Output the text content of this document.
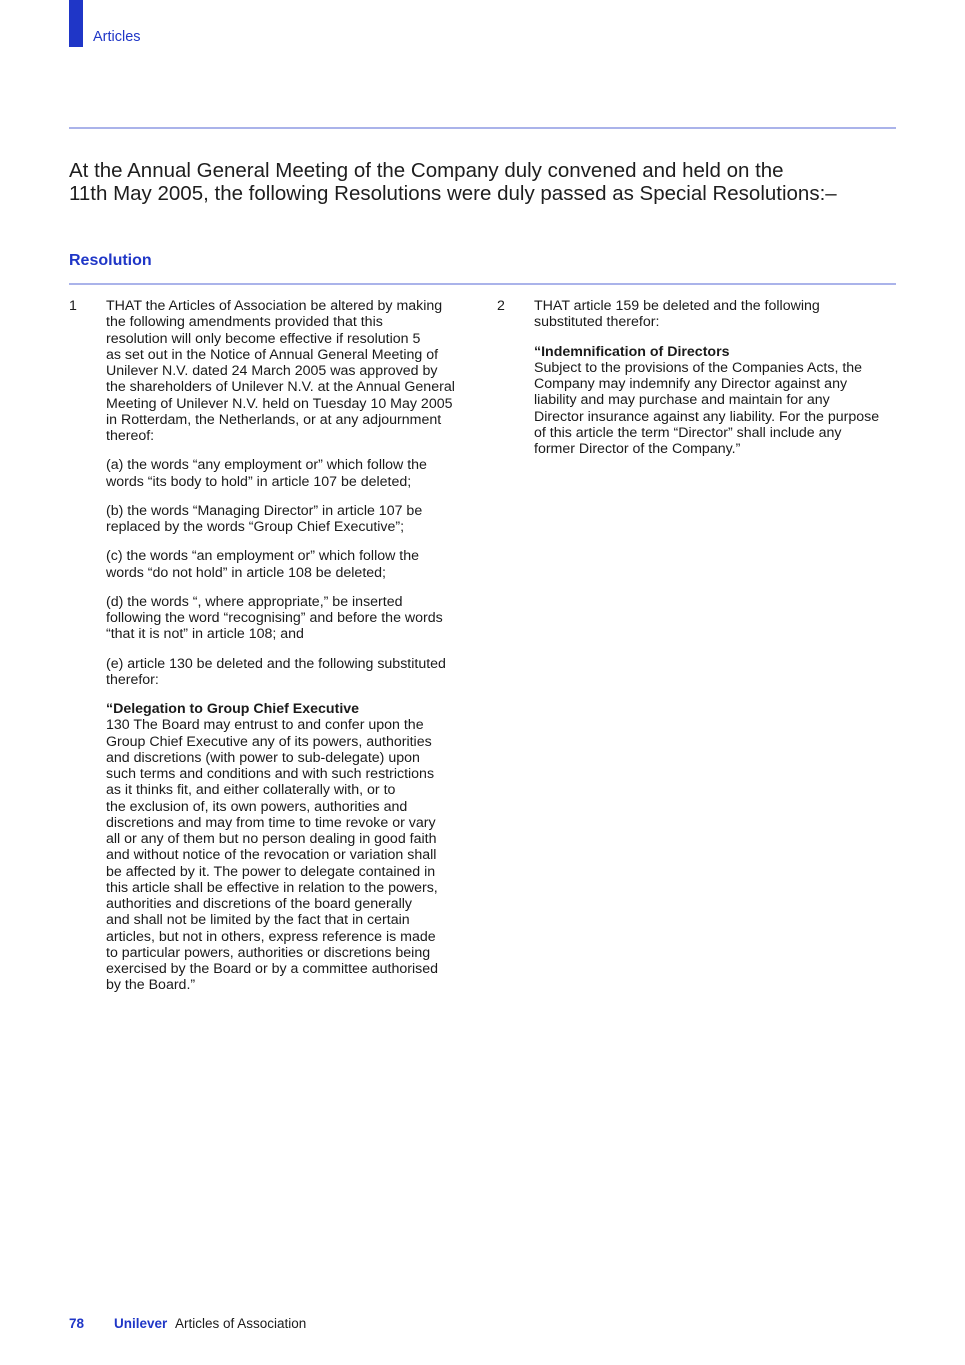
Articles
At the Annual General Meeting of the Company duly convened and held on the
11th May 2005, the following Resolutions were duly passed as Special Resolutions:–
Resolution
1 THAT the Articles of Association be altered by making
the following amendments provided that this
resolution will only become effective if resolution 5
as set out in the Notice of Annual General Meeting of
Unilever N.V. dated 24 March 2005 was approved by
the shareholders of Unilever N.V. at the Annual General
Meeting of Unilever N.V. held on Tuesday 10 May 2005
in Rotterdam, the Netherlands, or at any adjournment
thereof:
(a) the words “any employment or” which follow the
words “its body to hold” in article 107 be deleted;
(b) the words “Managing Director” in article 107 be
replaced by the words “Group Chief Executive”;
(c) the words “an employment or” which follow the
words “do not hold” in article 108 be deleted;
(d) the words “, where appropriate,” be inserted
following the word “recognising” and before the words
“that it is not” in article 108; and
(e) article 130 be deleted and the following substituted
therefor:
“Delegation to Group Chief Executive
130 The Board may entrust to and confer upon the
Group Chief Executive any of its powers, authorities
and discretions (with power to sub-delegate) upon
such terms and conditions and with such restrictions
as it thinks fit, and either collaterally with, or to
the exclusion of, its own powers, authorities and
discretions and may from time to time revoke or vary
all or any of them but no person dealing in good faith
and without notice of the revocation or variation shall
be affected by it. The power to delegate contained in
this article shall be effective in relation to the powers,
authorities and discretions of the board generally
and shall not be limited by the fact that in certain
articles, but not in others, express reference is made
to particular powers, authorities or discretions being
exercised by the Board or by a committee authorised
by the Board.”
2 THAT article 159 be deleted and the following
substituted therefor:
“Indemnification of Directors
Subject to the provisions of the Companies Acts, the
Company may indemnify any Director against any
liability and may purchase and maintain for any
Director insurance against any liability. For the purpose
of this article the term “Director” shall include any
former Director of the Company.”
78 Unilever Articles of Association
